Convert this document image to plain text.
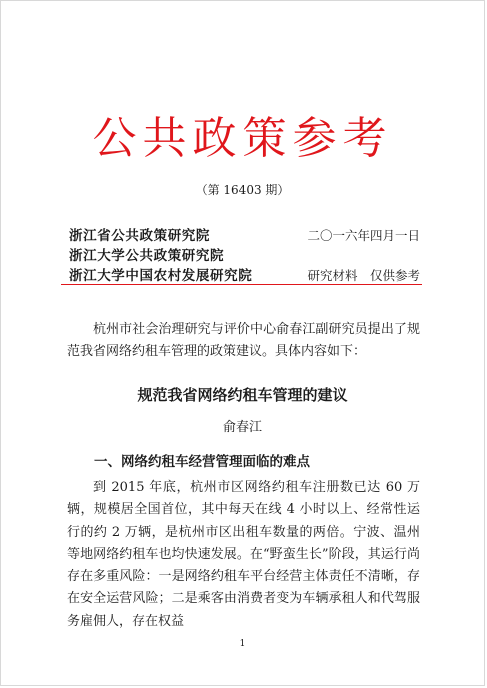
公共政策参考
（第 16403 期）
浙江省公共政策研究院	二〇一六年四月一日
浙江大学公共政策研究院
浙江大学中国农村发展研究院	研究材料　仅供参考

杭州市社会治理研究与评价中心俞春江副研究员提出了规范我省网络约租车管理的政策建议。具体内容如下：

规范我省网络约租车管理的建议
俞春江
一、网络约租车经营管理面临的难点

到 2015 年底，杭州市区网络约租车注册数已达 60 万辆，规模居全国首位，其中每天在线 4 小时以上、经常性运行的约 2 万辆，是杭州市区出租车数量的两倍。宁波、温州等地网络约租车也均快速发展。在“野蛮生长”阶段，其运行尚存在多重风险：一是网络约租车平台经营主体责任不清晰，存在安全运营风险；二是乘客由消费者变为车辆承租人和代驾服务雇佣人，存在权益

1
